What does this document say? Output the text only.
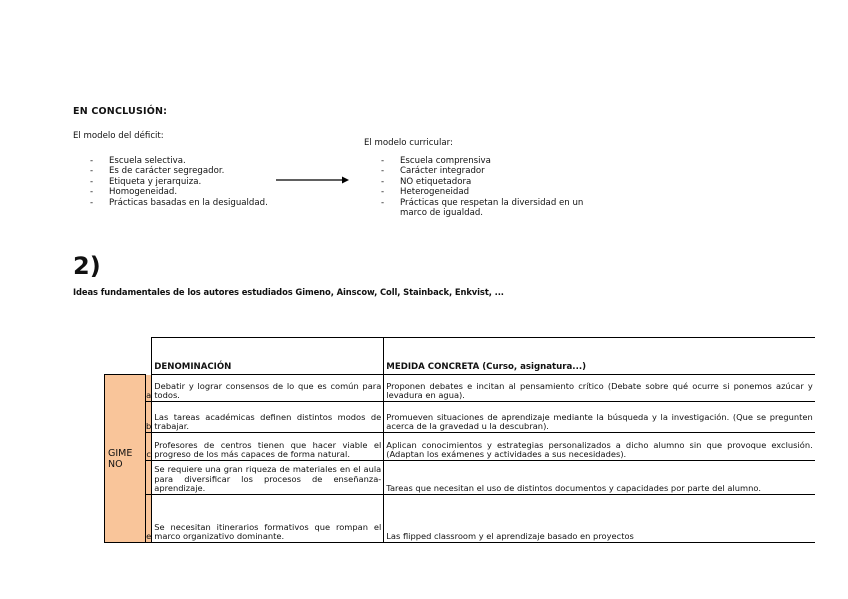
EN CONCLUSIÓN:
El modelo del déficit:
- Escuela selectiva.
- Es de carácter segregador.
- Etiqueta y jerarquiza.
- Homogeneidad.
- Prácticas basadas en la desigualdad.
El modelo curricular:
- Escuela comprensiva
- Carácter integrador
- NO etiquetadora
- Heterogeneidad
- Prácticas que respetan la diversidad en un marco de igualdad.
2)
Ideas fundamentales de los autores estudiados Gimeno, Ainscow, Coll, Stainback, Enkvist, ...
		DENOMINACIÓN	MEDIDA CONCRETA (Curso, asignatura...)
GIME NO	a	Debatir y lograr consensos de lo que es común para todos.	Proponen debates e incitan al pensamiento crítico (Debate sobre qué ocurre si ponemos azúcar y levadura en agua).
	b	Las tareas académicas definen distintos modos de trabajar.	Promueven situaciones de aprendizaje mediante la búsqueda y la investigación. (Que se pregunten acerca de la gravedad u la descubran).
	c	Profesores de centros tienen que hacer viable el progreso de los más capaces de forma natural.	Aplican conocimientos y estrategias personalizados a dicho alumno sin que provoque exclusión. (Adaptan los exámenes y actividades a sus necesidades).
		Se requiere una gran riqueza de materiales en el aula para diversificar los procesos de enseñanza-aprendizaje.	Tareas que necesitan el uso de distintos documentos y capacidades por parte del alumno.
	e	Se necesitan itinerarios formativos que rompan el marco organizativo dominante.	Las flipped classroom y el aprendizaje basado en proyectos
